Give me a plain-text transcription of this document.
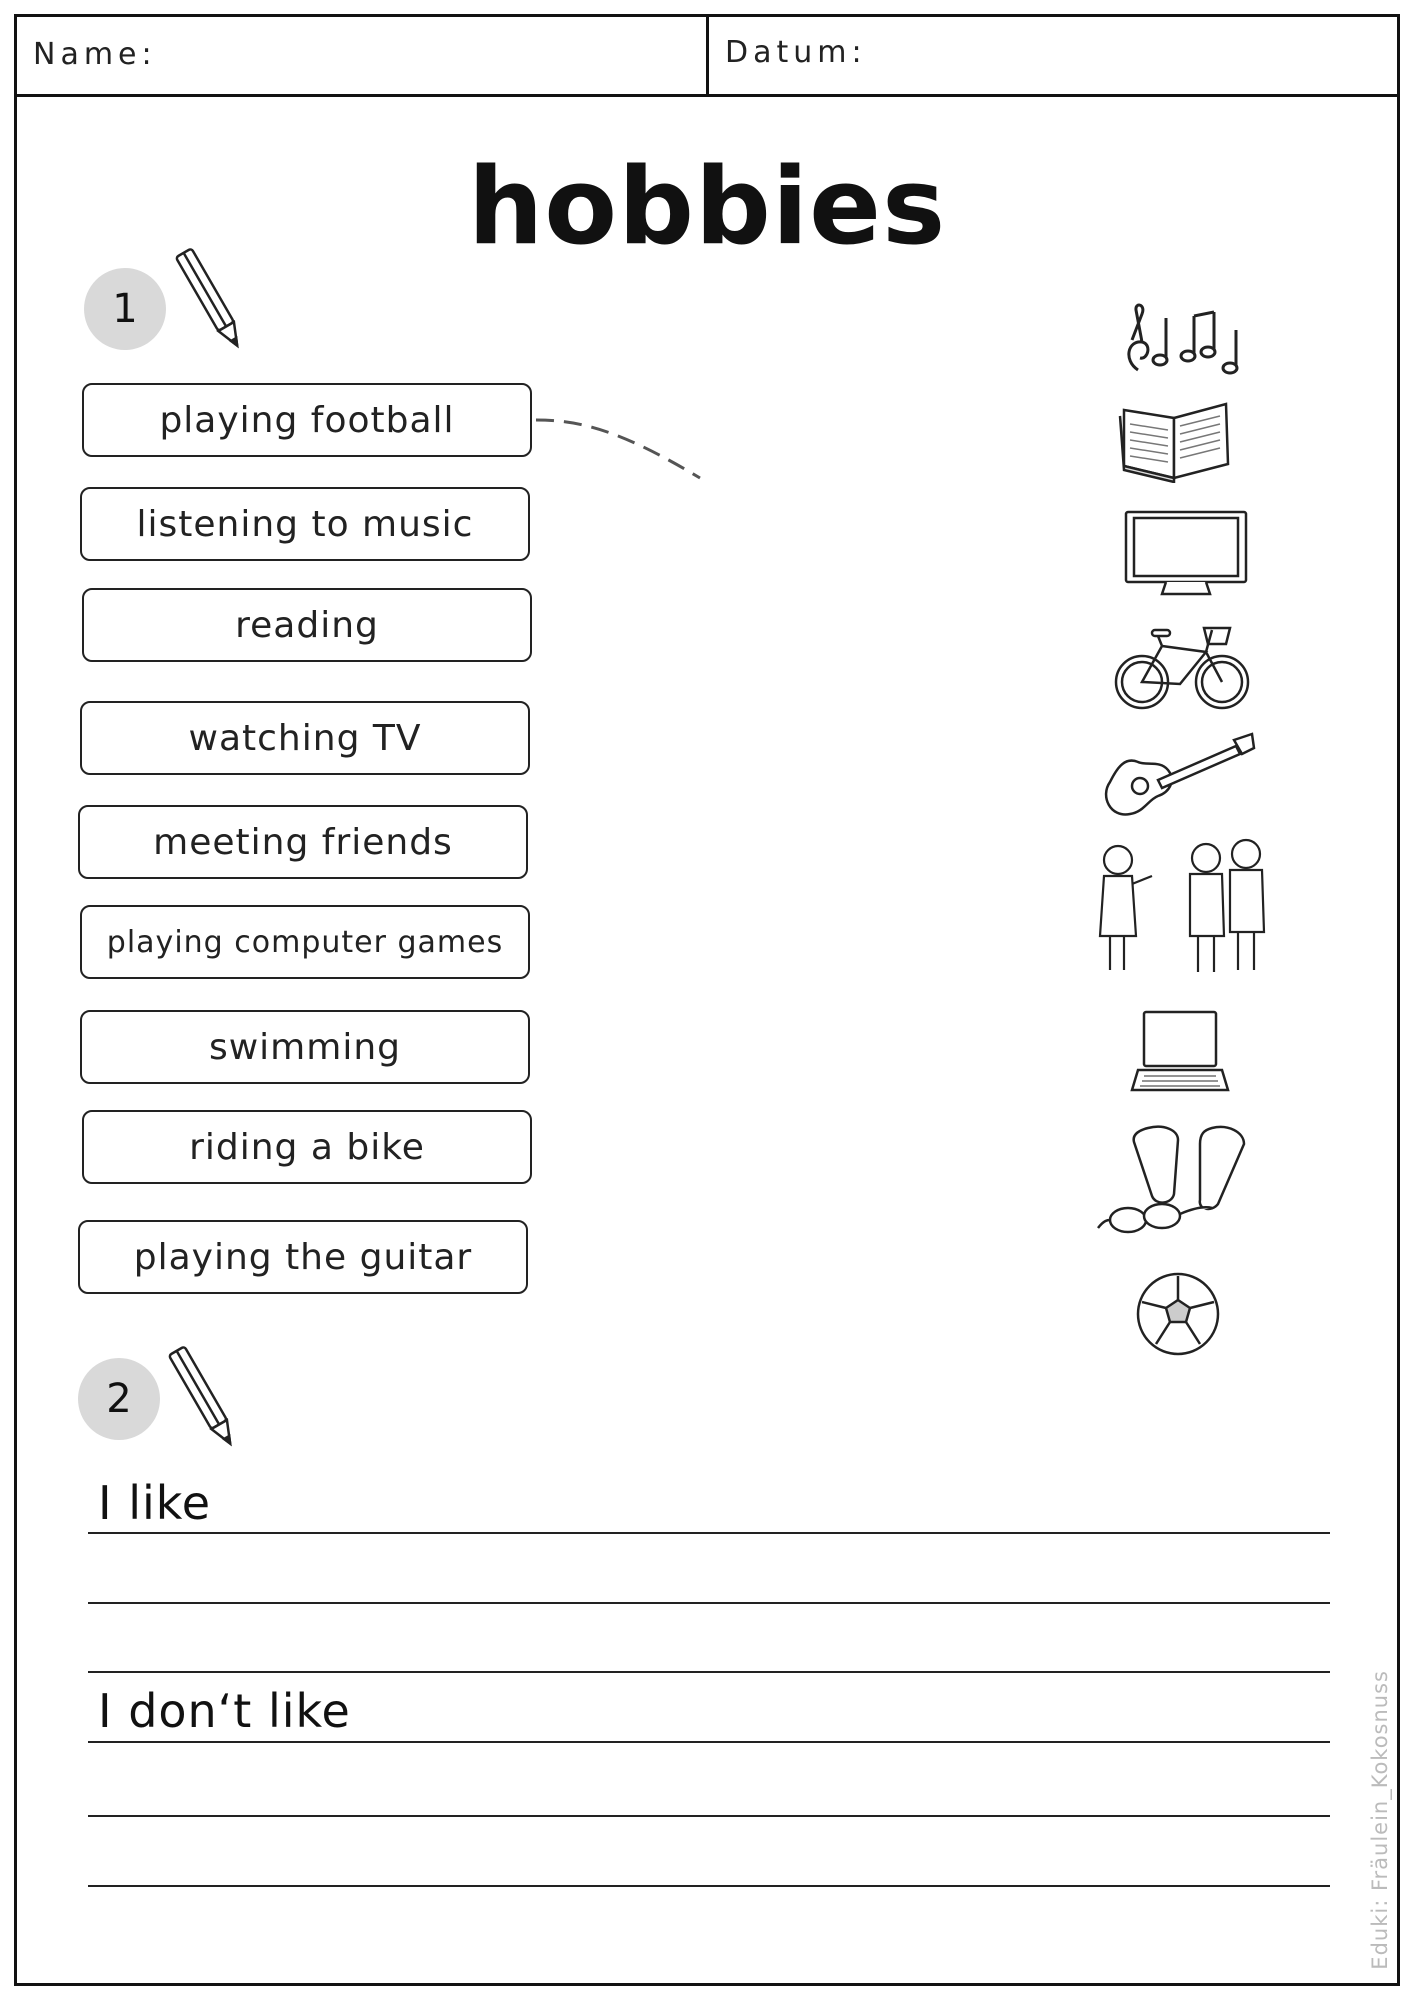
Name:	Datum:
hobbies
1
playing football
listening to music
reading
watching TV
meeting friends
playing computer games
swimming
riding a bike
playing the guitar
2
I like
I don‘t like	Eduki: Fräulein_Kokosnuss
